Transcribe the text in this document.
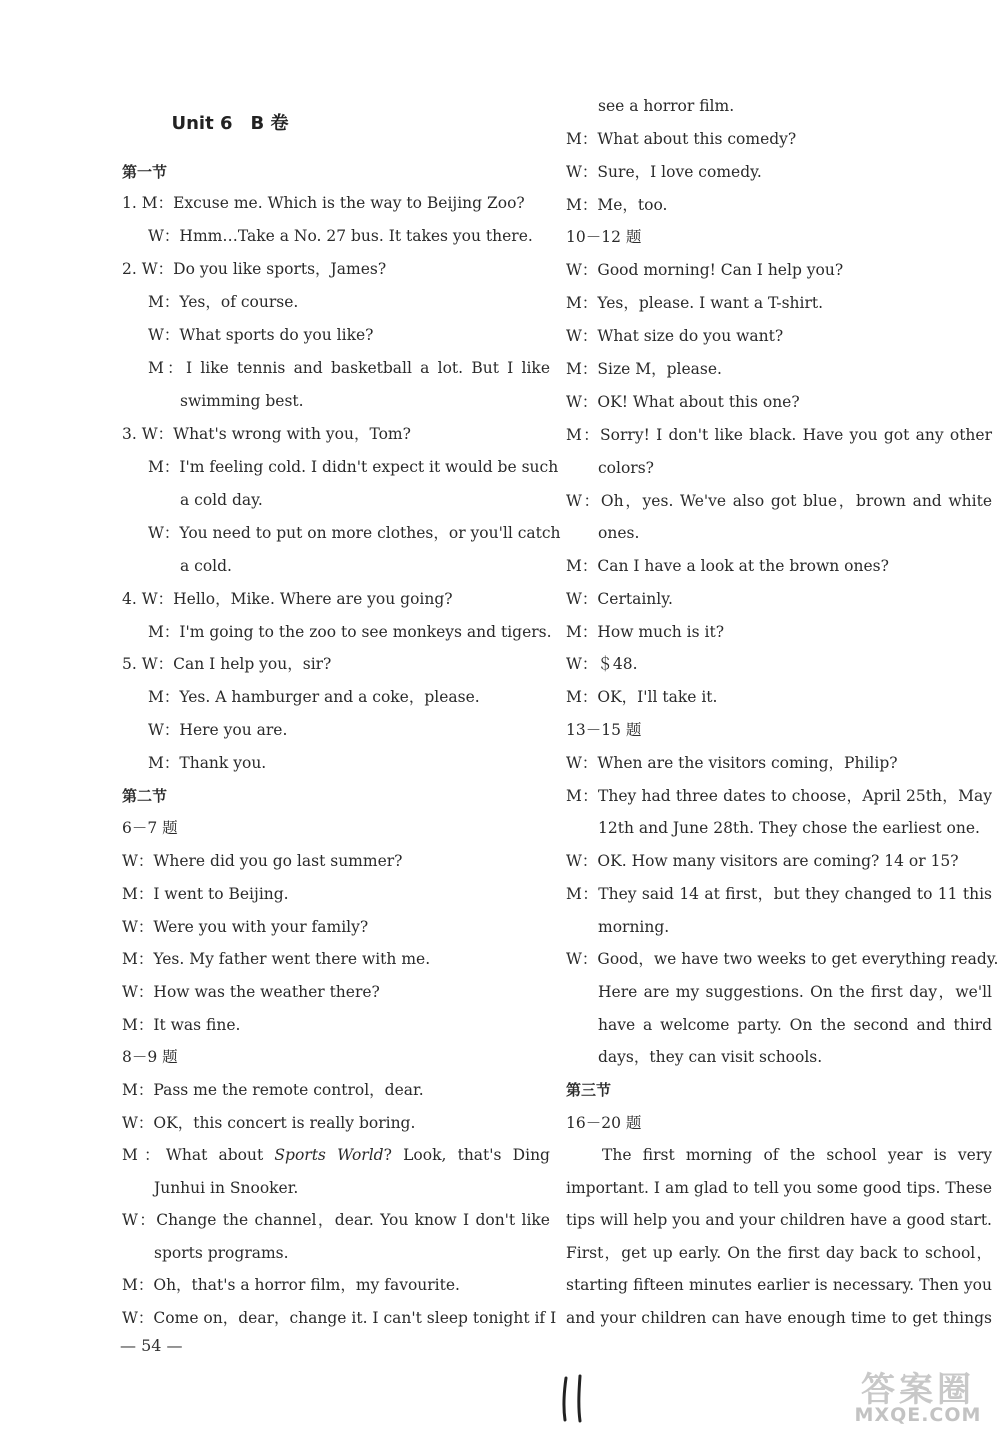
Unit 6　B 卷
第一节
1. M：Excuse me. Which is the way to Beijing Zoo?
W：Hmm…Take a No. 27 bus. It takes you there.
2. W：Do you like sports，James?
M：Yes，of course.
W：What sports do you like?
M：I like tennis and basketball a lot. But I like
swimming best.
3. W：What's wrong with you，Tom?
M：I'm feeling cold. I didn't expect it would be such
a cold day.
W：You need to put on more clothes，or you'll catch
a cold.
4. W：Hello，Mike. Where are you going?
M：I'm going to the zoo to see monkeys and tigers.
5. W：Can I help you，sir?
M：Yes. A hamburger and a coke，please.
W：Here you are.
M：Thank you.
第二节
6－7 题
W：Where did you go last summer?
M：I went to Beijing.
W：Were you with your family?
M：Yes. My father went there with me.
W：How was the weather there?
M：It was fine.
8－9 题
M：Pass me the remote control，dear.
W：OK，this concert is really boring.
M：What about Sports World? Look, that's Ding
Junhui in Snooker.
W：Change the channel，dear. You know I don't like
sports programs.
M：Oh，that's a horror film，my favourite.
W：Come on，dear，change it. I can't sleep tonight if I
see a horror film.
M：What about this comedy?
W：Sure，I love comedy.
M：Me，too.
10－12 题
W：Good morning! Can I help you?
M：Yes，please. I want a T-shirt.
W：What size do you want?
M：Size M，please.
W：OK! What about this one?
M：Sorry! I don't like black. Have you got any other
colors?
W：Oh，yes. We've also got blue，brown and white
ones.
M：Can I have a look at the brown ones?
W：Certainly.
M：How much is it?
W：＄48.
M：OK，I'll take it.
13－15 题
W：When are the visitors coming，Philip?
M：They had three dates to choose，April 25th，May
12th and June 28th. They chose the earliest one.
W：OK. How many visitors are coming? 14 or 15?
M：They said 14 at first，but they changed to 11 this
morning.
W：Good，we have two weeks to get everything ready.
Here are my suggestions. On the first day，we'll
have a welcome party. On the second and third
days，they can visit schools.
第三节
16－20 题
The first morning of the school year is very
important. I am glad to tell you some good tips. These
tips will help you and your children have a good start.
First，get up early. On the first day back to school，
starting fifteen minutes earlier is necessary. Then you
and your children can have enough time to get things
— 54 —
答案圈
MXQE.COM
